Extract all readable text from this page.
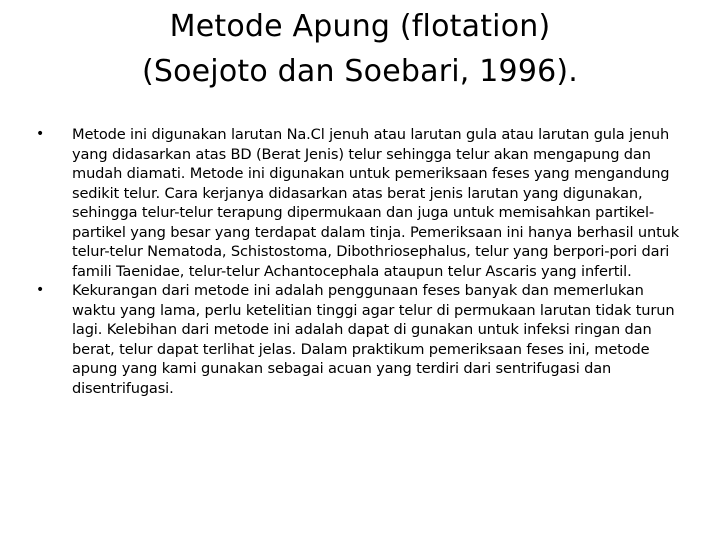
Metode Apung (flotation)
(Soejoto dan Soebari, 1996).
•	Metode ini digunakan larutan Na.Cl jenuh atau larutan gula atau larutan gula jenuh yang didasarkan atas BD (Berat Jenis) telur sehingga telur akan mengapung dan mudah diamati. Metode ini digunakan untuk pemeriksaan feses yang mengandung sedikit telur. Cara kerjanya didasarkan atas berat jenis larutan yang digunakan, sehingga telur-telur terapung dipermukaan dan juga untuk memisahkan partikel-partikel yang besar yang terdapat dalam tinja. Pemeriksaan ini hanya berhasil untuk telur-telur Nematoda, Schistostoma, Dibothriosephalus, telur yang berpori-pori dari famili Taenidae, telur-telur Achantocephala ataupun telur Ascaris yang infertil.
•	Kekurangan dari metode ini adalah penggunaan feses banyak dan memerlukan waktu yang lama, perlu ketelitian tinggi agar telur di permukaan larutan tidak turun lagi. Kelebihan dari metode ini adalah dapat di gunakan untuk infeksi ringan dan berat, telur dapat terlihat jelas. Dalam praktikum pemeriksaan feses ini, metode apung yang kami gunakan sebagai acuan yang terdiri dari sentrifugasi dan disentrifugasi.
